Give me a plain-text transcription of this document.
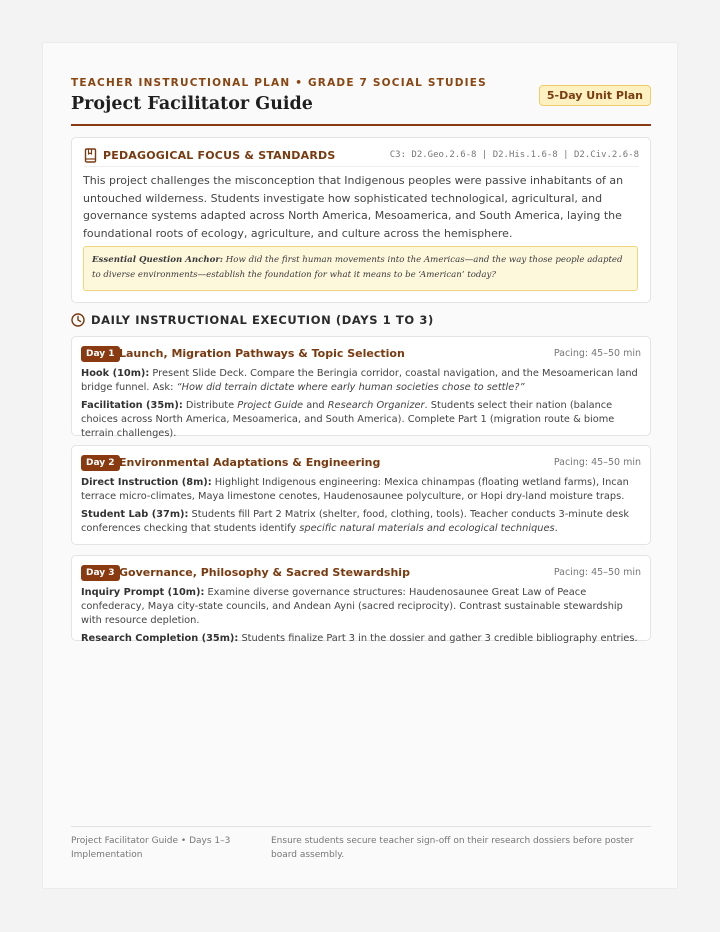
TEACHER INSTRUCTIONAL PLAN • GRADE 7 SOCIAL STUDIES
Project Facilitator Guide	5-Day Unit Plan
PEDAGOGICAL FOCUS & STANDARDS	C3: D2.Geo.2.6-8 | D2.His.1.6-8 | D2.Civ.2.6-8
This project challenges the misconception that Indigenous peoples were passive inhabitants of an untouched wilderness. Students investigate how sophisticated technological, agricultural, and governance systems adapted across North America, Mesoamerica, and South America, laying the foundational roots of ecology, agriculture, and culture across the hemisphere.
Essential Question Anchor: How did the first human movements into the Americas—and the way those people adapted to diverse environments—establish the foundation for what it means to be ‘American’ today?
DAILY INSTRUCTIONAL EXECUTION (DAYS 1 TO 3)
Day 1 Launch, Migration Pathways & Topic Selection	Pacing: 45–50 min
Hook (10m): Present Slide Deck. Compare the Beringia corridor, coastal navigation, and the Mesoamerican land bridge funnel. Ask: “How did terrain dictate where early human societies chose to settle?”
Facilitation (35m): Distribute Project Guide and Research Organizer. Students select their nation (balance choices across North America, Mesoamerica, and South America). Complete Part 1 (migration route & biome terrain challenges).
Day 2 Environmental Adaptations & Engineering	Pacing: 45–50 min
Direct Instruction (8m): Highlight Indigenous engineering: Mexica chinampas (floating wetland farms), Incan terrace micro-climates, Maya limestone cenotes, Haudenosaunee polyculture, or Hopi dry-land moisture traps.
Student Lab (37m): Students fill Part 2 Matrix (shelter, food, clothing, tools). Teacher conducts 3-minute desk conferences checking that students identify specific natural materials and ecological techniques.
Day 3 Governance, Philosophy & Sacred Stewardship	Pacing: 45–50 min
Inquiry Prompt (10m): Examine diverse governance structures: Haudenosaunee Great Law of Peace confederacy, Maya city-state councils, and Andean Ayni (sacred reciprocity). Contrast sustainable stewardship with resource depletion.
Research Completion (35m): Students finalize Part 3 in the dossier and gather 3 credible bibliography entries.
Project Facilitator Guide • Days 1–3 Implementation
Ensure students secure teacher sign-off on their research dossiers before poster board assembly.
